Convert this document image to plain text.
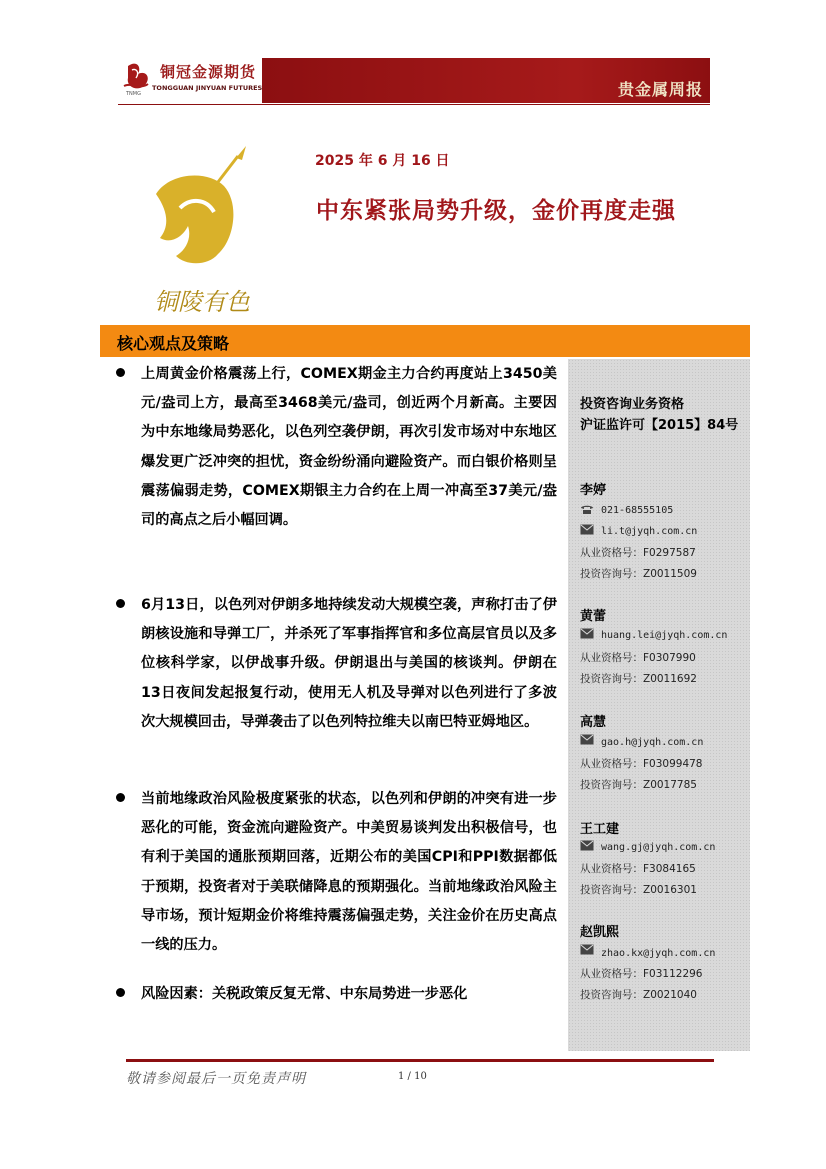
铜冠金源期货
TONGGUAN JINYUAN FUTURES
TNMG	贵金属周报
铜陵有色
2025 年 6 月 16 日
中东紧张局势升级，金价再度走强
核心观点及策略
投资咨询业务资格
沪证监许可【2015】84号
李婷
021-68555105
li.t@jyqh.com.cn
从业资格号：F0297587
投资咨询号：Z0011509
黄蕾
huang.lei@jyqh.com.cn
从业资格号：F0307990
投资咨询号：Z0011692
高慧
gao.h@jyqh.com.cn
从业资格号：F03099478
投资咨询号：Z0017785
王工建
wang.gj@jyqh.com.cn
从业资格号：F3084165
投资咨询号：Z0016301
赵凯熙
zhao.kx@jyqh.com.cn
从业资格号：F03112296
投资咨询号：Z0021040
上周黄金价格震荡上行，COMEX期金主力合约再度站上3450美元/盎司上方，最高至3468美元/盎司，创近两个月新高。主要因为中东地缘局势恶化，以色列空袭伊朗，再次引发市场对中东地区爆发更广泛冲突的担忧，资金纷纷涌向避险资产。而白银价格则呈震荡偏弱走势，COMEX期银主力合约在上周一冲高至37美元/盎司的高点之后小幅回调。
6月13日，以色列对伊朗多地持续发动大规模空袭，声称打击了伊朗核设施和导弹工厂，并杀死了军事指挥官和多位高层官员以及多位核科学家，以伊战事升级。伊朗退出与美国的核谈判。伊朗在13日夜间发起报复行动，使用无人机及导弹对以色列进行了多波次大规模回击，导弹袭击了以色列特拉维夫以南巴特亚姆地区。
当前地缘政治风险极度紧张的状态，以色列和伊朗的冲突有进一步恶化的可能，资金流向避险资产。中美贸易谈判发出积极信号，也有利于美国的通胀预期回落，近期公布的美国CPI和PPI数据都低于预期，投资者对于美联储降息的预期强化。当前地缘政治风险主导市场，预计短期金价将维持震荡偏强走势，关注金价在历史高点一线的压力。
风险因素：关税政策反复无常、中东局势进一步恶化
敬请参阅最后一页免责声明	1 / 10
